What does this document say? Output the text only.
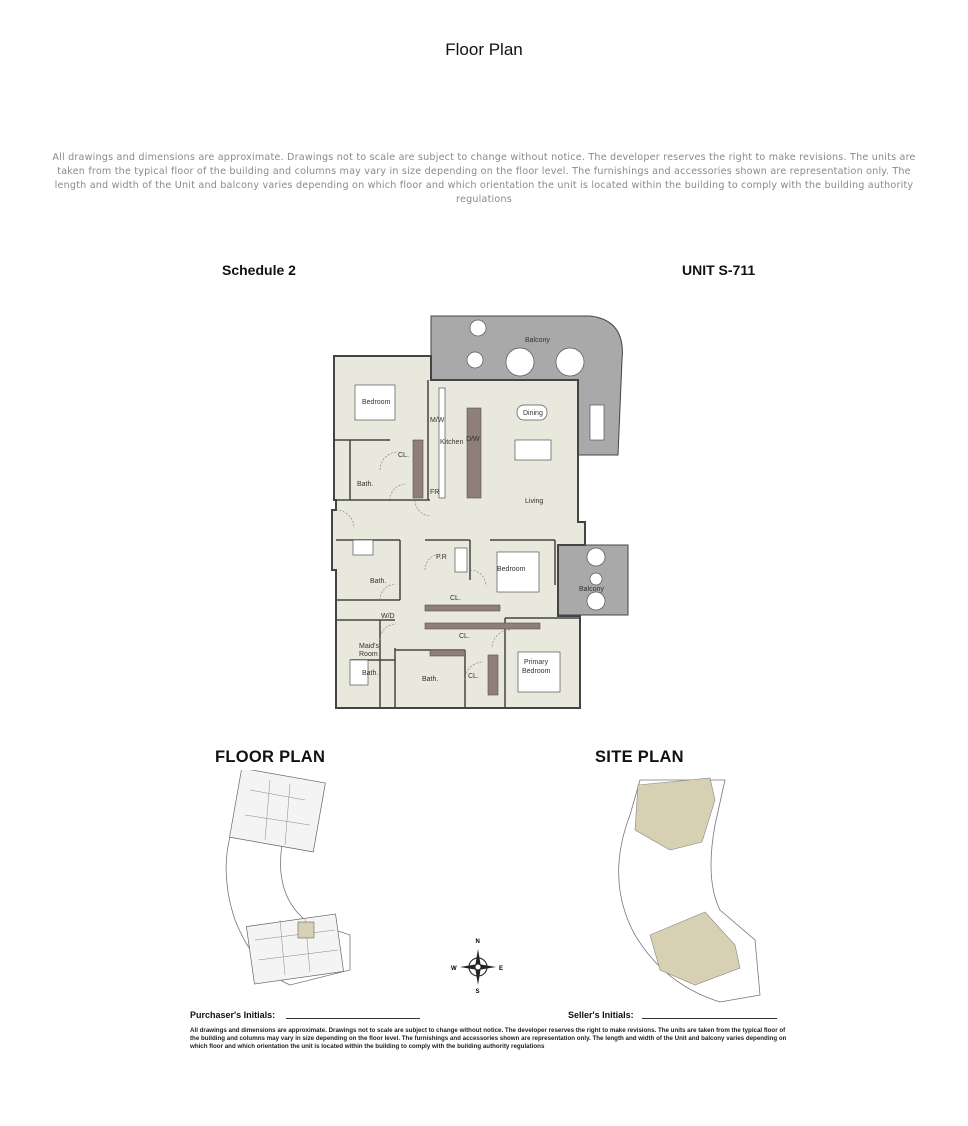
Floor Plan
All drawings and dimensions are approximate. Drawings not to scale are subject to change without notice. The developer reserves the right to make revisions. The units are taken from the typical floor of the building and columns may vary in size depending on the floor level. The furnishings and accessories shown are representation only. The length and width of the Unit and balcony varies depending on which floor and which orientation the unit is located within the building to comply with the building authority regulations
Schedule 2	UNIT S-711
Balcony
Bedroom
Dining
M/W
D/W
Kitchen
CL.
Bath.
FR
Living
P.R
Bedroom
Balcony
Bath.
CL.
W/D
CL.
Maid's
Room
Primary
Bedroom
Bath.	CL.
Bath.
FLOOR PLAN	SITE PLAN
N
S
W	E
Purchaser's Initials:	Seller's Initials:
All drawings and dimensions are approximate. Drawings not to scale are subject to change without notice. The developer reserves the right to make revisions. The units are taken from the typical floor of the building and columns may vary in size depending on the floor level. The furnishings and accessories shown are representation only. The length and width of the Unit and balcony varies depending on which floor and which orientation the unit is located within the building to comply with the building authority regulations
